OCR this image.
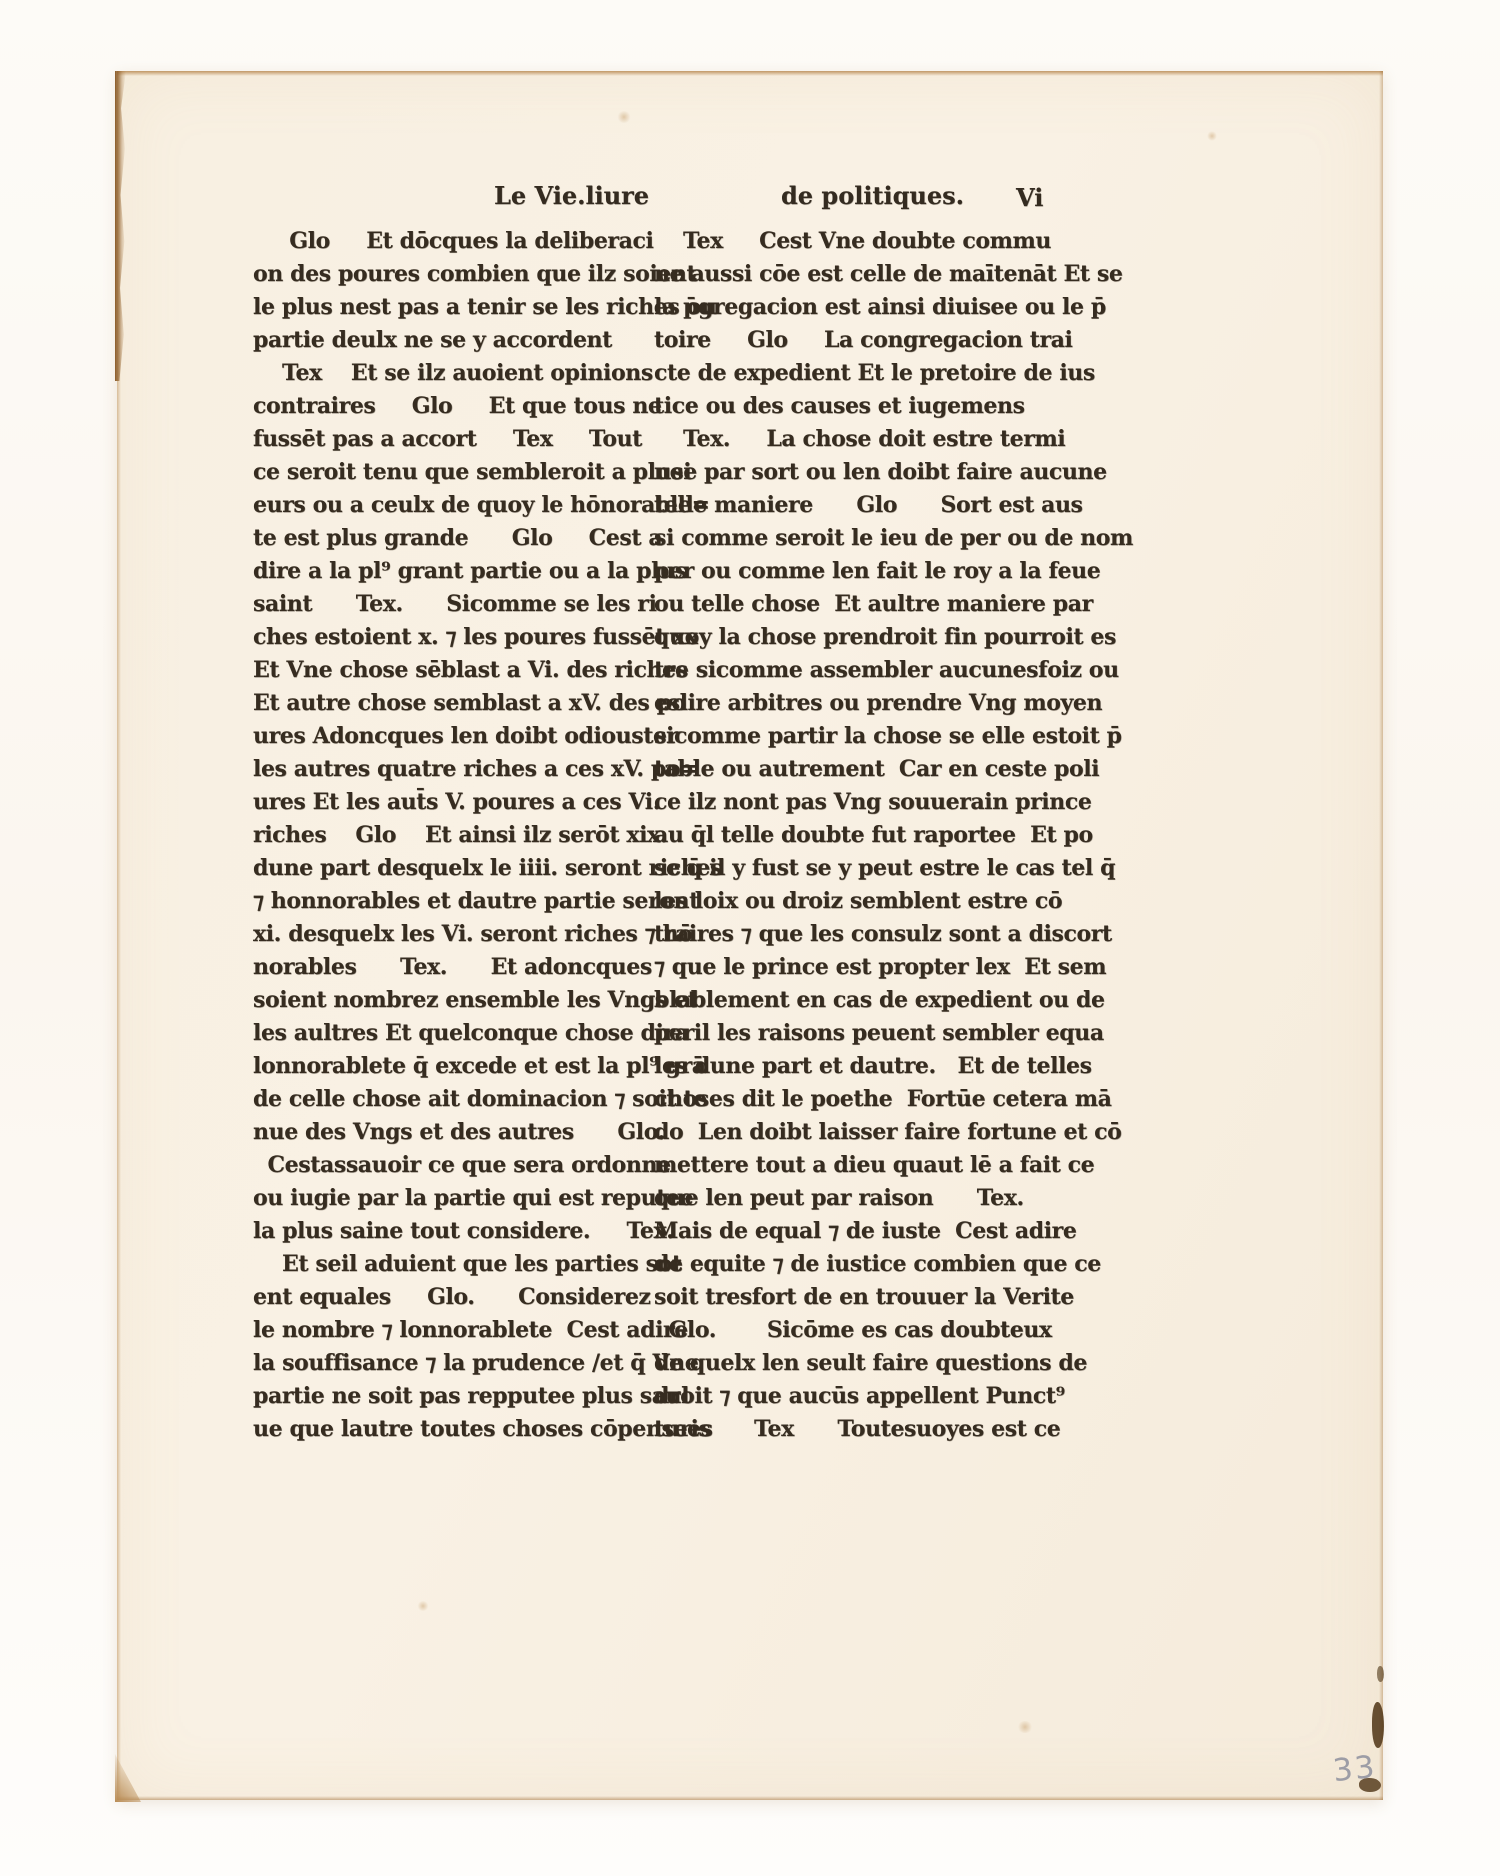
Le Vie.liure	de politiques. Vi
Glo     Et dōcques la deliberaci
on des poures combien que ilz soient
le plus nest pas a tenir se les riches ou
partie deulx ne se y accordent
Tex    Et se ilz auoient opinions
contraires     Glo     Et que tous ne
fussēt pas a accort     Tex     Tout
ce seroit tenu que sembleroit a plusi
eurs ou a ceulx de quoy le hōnorable=
te est plus grande      Glo     Cest a
dire a la pl⁹ grant partie ou a la plus
saint      Tex.      Sicomme se les ri
ches estoient x. ⁊ les poures fussēt xx
Et Vne chose sēblast a Vi. des riches
Et autre chose semblast a xV. des po
ures Adoncques len doibt odiouster
les autres quatre riches a ces xV. po=
ures Et les aut̄s V. poures a ces Vi.
riches    Glo    Et ainsi ilz serōt xix.
dune part desquelx le iiii. seront riches
⁊ honnorables et dautre partie seront
xi. desquelx les Vi. seront riches ⁊ hō
norables      Tex.      Et adoncques
soient nombrez ensemble les Vngs et
les aultres Et quelconque chose dira
lonnorablete q̄ excede et est la pl⁹ grā
de celle chose ait dominacion ⁊ soit te
nue des Vngs et des autres      Glo.
Cestassauoir ce que sera ordonne
ou iugie par la partie qui est reputee
la plus saine tout considere.     Tex.
Et seil aduient que les parties sot
ent equales     Glo.      Considerez
le nombre ⁊ lonnorablete  Cest adire
la souffisance ⁊ la prudence /et q̄ Vne
partie ne soit pas repputee plus saul
ue que lautre toutes choses cōpensees
Tex     Cest Vne doubte commu
ne aussi cōe est celle de maītenāt Et se
la p̄gregacion est ainsi diuisee ou le p̄
toire     Glo     La congregacion trai
cte de expedient Et le pretoire de ius
tice ou des causes et iugemens
Tex.     La chose doit estre termi
nee par sort ou len doibt faire aucune
telle maniere      Glo      Sort est aus
si comme seroit le ieu de per ou de nom
per ou comme len fait le roy a la feue
ou telle chose  Et aultre maniere par
quoy la chose prendroit fin pourroit es
tre sicomme assembler aucunesfoiz ou
eslire arbitres ou prendre Vng moyen
sicomme partir la chose se elle estoit p̄
table ou autrement  Car en ceste poli
ce ilz nont pas Vng souuerain prince
au q̄l telle doubte fut raportee  Et po
se q̄ il y fust se y peut estre le cas tel q̄
les loix ou droiz semblent estre cō
traires ⁊ que les consulz sont a discort
⁊ que le prince est propter lex  Et sem
blablement en cas de expedient ou de
peril les raisons peuent sembler equa
les dune part et dautre.   Et de telles
choses dit le poethe  Fortūe cetera mā
do  Len doibt laisser faire fortune et cō
mettere tout a dieu quaut lē a fait ce
que len peut par raison      Tex.
Mais de equal ⁊ de iuste  Cest adire
de equite ⁊ de iustice combien que ce
soit tresfort de en trouuer la Verite
Glo.       Sicōme es cas doubteux
de quelx len seult faire questions de
droit ⁊ que aucūs appellent Punct⁹
turis      Tex      Toutesuoyes est ce
33
